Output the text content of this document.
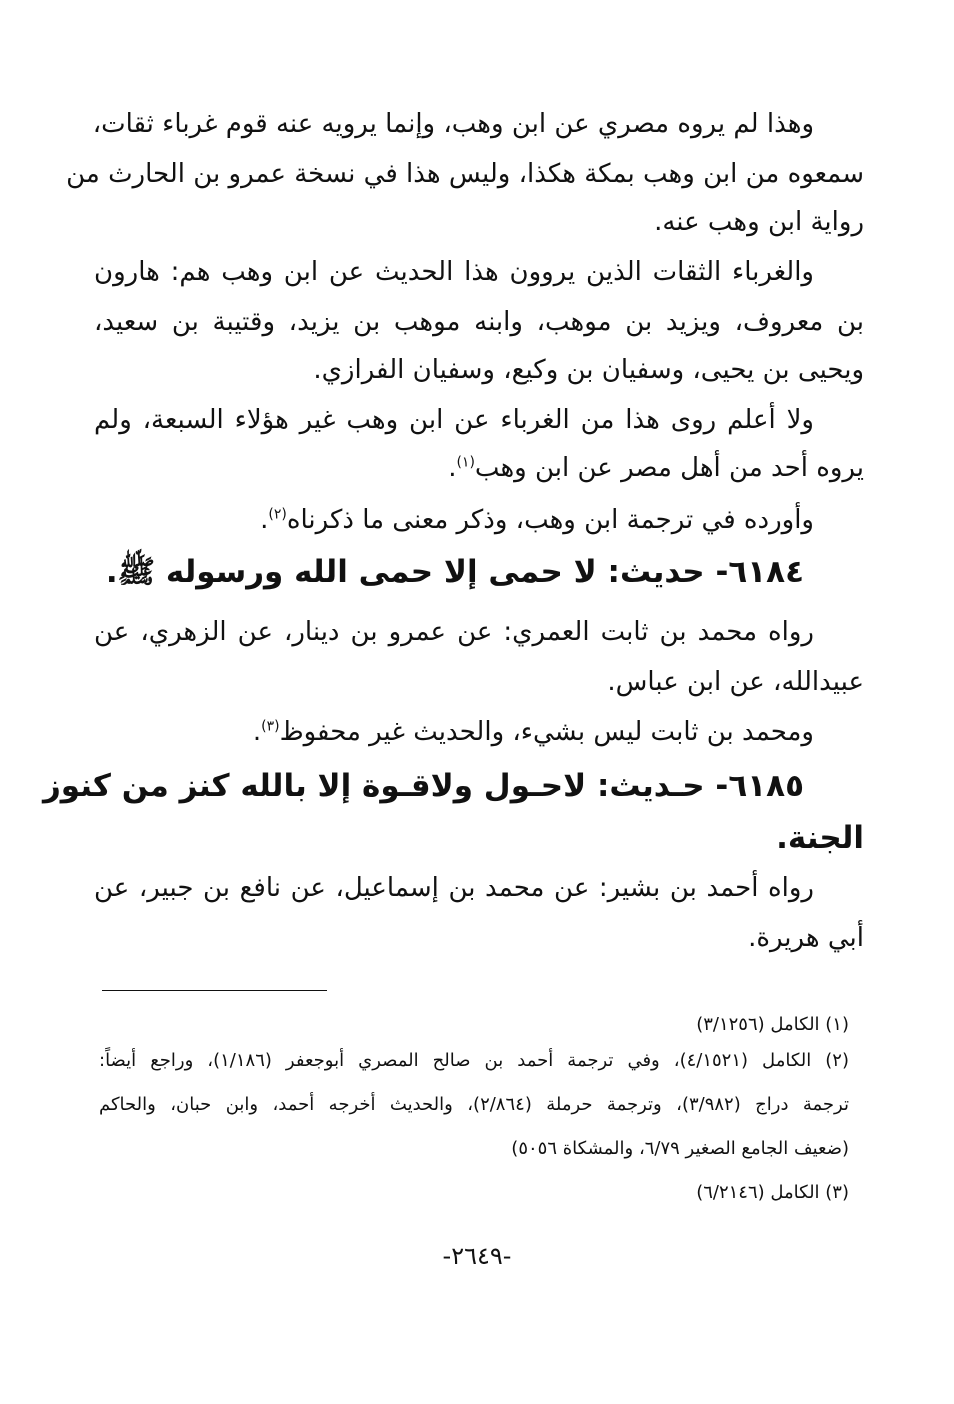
وهذا لم يروه مصري عن ابن وهب، وإنما يرويه عنه قوم غرباء ثقات،
سمعوه من ابن وهب بمكة هكذا، وليس هذا في نسخة عمرو بن الحارث من
رواية ابن وهب عنه.
والغرباء الثقات الذين يروون هذا الحديث عن ابن وهب هم: هارون
بن معروف، ويزيد بن موهب، وابنه موهب بن يزيد، وقتيبة بن سعيد،
ويحيى بن يحيى، وسفيان بن وكيع، وسفيان الفرازي.
ولا أعلم روى هذا من الغرباء عن ابن وهب غير هؤلاء السبعة، ولم
يروه أحد من أهل مصر عن ابن وهب$^{(١)}$.
وأورده في ترجمة ابن وهب، وذكر معنى ما ذكرناه$^{(٢)}$.
٦١٨٤- حديث: لا حمى إلا حمى الله ورسوله ﷺ.
رواه محمد بن ثابت العمري: عن عمرو بن دينار، عن الزهري، عن
عبيدالله، عن ابن عباس.
ومحمد بن ثابت ليس بشيء، والحديث غير محفوظ$^{(٣)}$.
٦١٨٥- حـديث: لاحـول ولاقـوة إلا بالله كنز من كنوز
الجنة.
رواه أحمد بن بشير: عن محمد بن إسماعيل، عن نافع بن جبير، عن
أبي هريرة.
(١) الكامل (٣/١٢٥٦)
(٢) الكامل (٤/١٥٢١)، وفي ترجمة أحمد بن صالح المصري أبوجعفر (١/١٨٦)، وراجع أيضاً:
ترجمة دراج (٣/٩٨٢)، وترجمة حرملة (٢/٨٦٤)، والحديث أخرجه أحمد، وابن حبان، والحاكم
(ضعيف الجامع الصغير ٦/٧٩، والمشكاة ٥٠٥٦)
(٣) الكامل (٦/٢١٤٦)
-٢٦٤٩-
